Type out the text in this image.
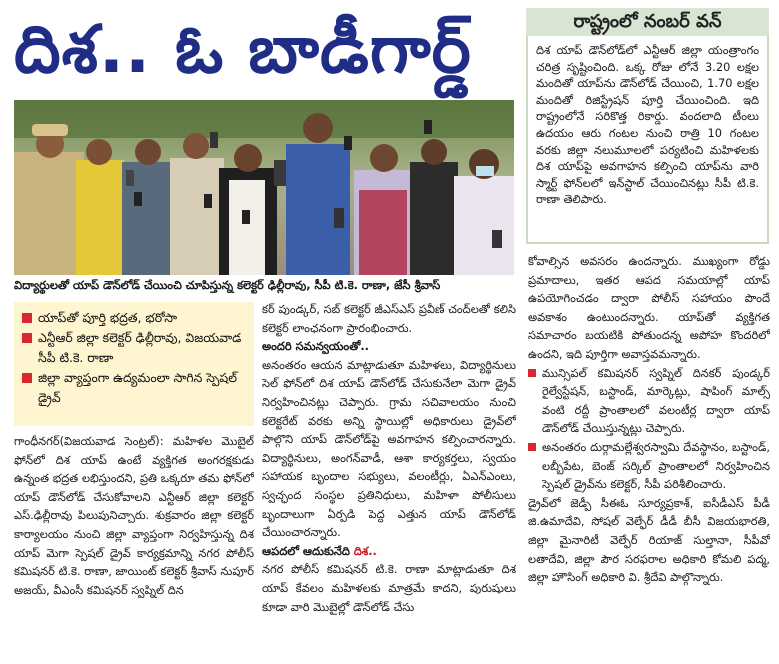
దిశ.. ఓ బాడీగార్డ్	రాష్ట్రంలో నంబర్ వన్

దిశ యాప్ డౌన్‌లోడ్‌లో ఎన్టీఆర్ జిల్లా యంత్రాంగం చరిత్ర సృష్టించింది. ఒక్క రోజు లోనే 3.20 లక్షల మందితో యాప్‌ను డౌన్‌లోడ్ చేయించి, 1.70 లక్షల మందితో రిజిస్ట్రేషన్ పూర్తి చేయించింది. ఇది రాష్ట్రంలోనే సరికొత్త రికార్డు. వందలాది టీంలు ఉదయం ఆరు గంటల నుంచి రాత్రి 10 గంటల వరకు జిల్లా నలుమూలలో పర్యటించి మహిళలకు దిశ యాప్‌పై అవగాహన కల్పించి యాప్‌ను వారి స్మార్ట్ ఫోన్‌లలో ఇన్‌స్టాల్ చేయించినట్లు సీపీ టి.కె. రాణా తెలిపారు.

విద్యార్థులతో యాప్ డౌన్‌లోడ్ చేయించి చూపిస్తున్న కలెక్టర్ ఢిల్లీరావు, సీపీ టి.కె. రాణా, జేసీ శ్రీవాస్
యాప్‌తో పూర్తి భద్రత, భరోసా
ఎన్టీఆర్ జిల్లా కలెక్టర్ ఢిల్లీరావు, విజయవాడ సీపీ టి.కె. రాణా
జిల్లా వ్యాప్తంగా ఉద్యమంలా సాగిన స్పెషల్ డ్రైవ్

గాంధీనగర్(విజయవాడ సెంట్రల్): మహిళల మొబైల్ ఫోన్‌లో దిశ యాప్ ఉంటే వ్యక్తిగత అంగరక్షకుడు ఉన్నంత భద్రత లభిస్తుందని, ప్రతి ఒక్కరూ తమ ఫోన్‌లో యాప్ డౌన్‌లోడ్ చేసుకోవాలని ఎన్టీఆర్ జిల్లా కలెక్టర్ ఎస్.ఢిల్లీరావు పిలుపునిచ్చారు. శుక్రవారం జిల్లా కలెక్టర్ కార్యాలయం నుంచి జిల్లా వ్యాప్తంగా నిర్వహిస్తున్న దిశ యాప్ మెగా స్పెషల్ డ్రైవ్ కార్యక్రమాన్ని నగర పోలీస్ కమిషనర్ టి.కె. రాణా, జాయింట్ కలెక్టర్ శ్రీవాస్ నుపూర్ అజయ్, వీఎంసీ కమిషనర్ స్వప్నిల్ దిన

కర్ పుండ్కర్, సబ్ కలెక్టర్ జీఎస్ఎస్ ప్రవీణ్ చంద్‌లతో కలిసి కలెక్టర్ లాంఛనంగా ప్రారంభించారు.

అందరి సమన్వయంతో..

అనంతరం ఆయన మాట్లాడుతూ మహిళలు, విద్యార్థినులు సెల్ ఫోన్‌లో దిశ యాప్ డౌన్‌లోడ్ చేసుకునేలా మెగా డ్రైవ్ నిర్వహించినట్లు చెప్పారు. గ్రామ సచివాలయం నుంచి కలెక్టరేట్ వరకు అన్ని స్థాయిల్లో అధికారులు డ్రైవ్‌లో పాల్గొని యాప్ డౌన్‌లోడ్‌పై అవగాహన కల్పించారన్నారు. విద్యార్థినులు, అంగన్‌వాడీ, ఆశా కార్యకర్తలు, స్వయం సహాయక బృందాల సభ్యులు, వలంటీర్లు, ఏఎన్‌ఎంలు, స్వచ్ఛంద సంస్థల ప్రతినిధులు, మహిళా పోలీసులు బృందాలుగా ఏర్పడి పెద్ద ఎత్తున యాప్ డౌన్‌లోడ్ చేయించారన్నారు.

ఆపదలో ఆదుకునేది దిశ..

నగర పోలీస్ కమిషనర్ టి.కె. రాణా మాట్లాడుతూ దిశ యాప్ కేవలం మహిళలకు మాత్రమే కాదని, పురుషులు కూడా వారి మొబైల్లో డౌన్‌లోడ్ చేసు

కోవాల్సిన అవసరం ఉందన్నారు. ముఖ్యంగా రోడ్డు ప్రమాదాలు, ఇతర ఆపద సమయాల్లో యాప్ ఉపయోగించడం ద్వారా పోలీస్ సహాయం పొందే అవకాశం ఉంటుందన్నారు. యాప్‌తో వ్యక్తిగత సమాచారం బయటికి పోతుందన్న అపోహ కొందరిలో ఉందని, ఇది పూర్తిగా అవాస్తవమన్నారు.

మున్సిపల్ కమిషనర్ స్వప్నిల్ దినకర్ పుండ్కర్ రైల్వేస్టేషన్, బస్టాండ్, మార్కెట్లు, షాపింగ్ మాల్స్ వంటి రద్దీ ప్రాంతాలలో వలంటీర్ల ద్వారా యాప్ డౌన్‌లోడ్ చేయిస్తున్నట్లు చెప్పారు.

అనంతరం దుర్గామల్లేశ్వరస్వామి దేవస్థానం, బస్టాండ్, లబ్బీపేట, బెంజ్ సర్కిల్ ప్రాంతాలలో నిర్వహించిన స్పెషల్ డ్రైవ్‌ను కలెక్టర్, సీపీ పరిశీలించారు.

డ్రైవ్‌లో జెడ్పీ సీఈఓ సూర్యప్రకాశ్, ఐసీడీఎస్ పీడీ జి.ఉమాదేవి, సోషల్ వెల్ఫేర్ డీడీ బీసీ విజయభారతి, జిల్లా మైనారిటీ వెల్ఫేర్ రియాజ్ సుల్తానా, సీపీవో లతాదేవి, జిల్లా పౌర సరఫరాల అధికారి కోమలి పద్మ, జిల్లా హౌసింగ్ అధికారి వి. శ్రీదేవి పాల్గొన్నారు.
